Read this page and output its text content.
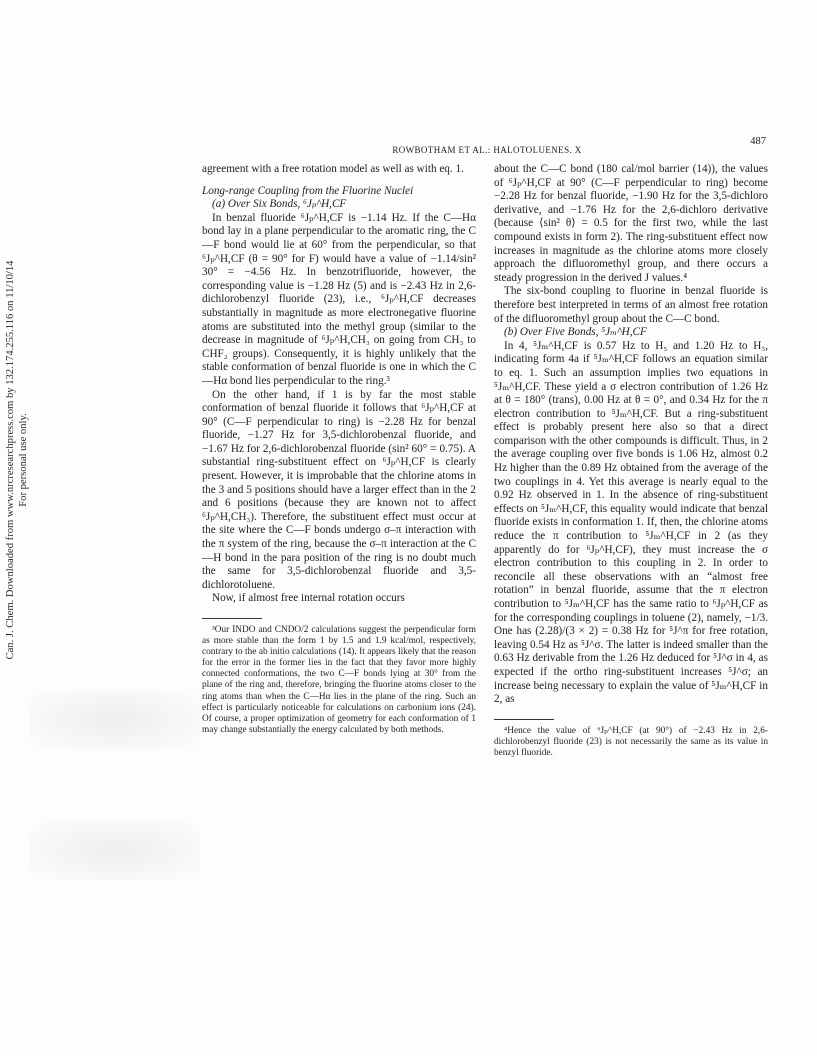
Can. J. Chem. Downloaded from www.nrcresearchpress.com by 132.174.255.116 on 11/10/14 For personal use only.
ROWBOTHAM ET AL.: HALOTOLUENES. X
487

agreement with a free rotation model as well as with eq. 1.

Long-range Coupling from the Fluorine Nuclei

(a) Over Six Bonds, ⁶Jₚ^H,CF

In benzal fluoride ⁶Jₚ^H,CF is −1.14 Hz. If the C—Hα bond lay in a plane perpendicular to the aromatic ring, the C—F bond would lie at 60° from the perpendicular, so that ⁶Jₚ^H,CF (θ = 90° for F) would have a value of −1.14/sin² 30° = −4.56 Hz. In benzotrifluoride, however, the corresponding value is −1.28 Hz (5) and is −2.43 Hz in 2,6-dichlorobenzyl fluoride (23), i.e., ⁶Jₚ^H,CF decreases substantially in magnitude as more electronegative fluorine atoms are substituted into the methyl group (similar to the decrease in magnitude of ⁶Jₚ^H,CH₃ on going from CH₃ to CHF₂ groups). Consequently, it is highly unlikely that the stable conformation of benzal fluoride is one in which the C—Hα bond lies perpendicular to the ring.³

On the other hand, if 1 is by far the most stable conformation of benzal fluoride it follows that ⁶Jₚ^H,CF at 90° (C—F perpendicular to ring) is −2.28 Hz for benzal fluoride, −1.27 Hz for 3,5-dichlorobenzal fluoride, and −1.67 Hz for 2,6-dichlorobenzal fluoride (sin² 60° = 0.75). A substantial ring-substituent effect on ⁶Jₚ^H,CF is clearly present. However, it is improbable that the chlorine atoms in the 3 and 5 positions should have a larger effect than in the 2 and 6 positions (because they are known not to affect ⁶Jₚ^H,CH₃). Therefore, the substituent effect must occur at the site where the C—F bonds undergo σ–π interaction with the π system of the ring, because the σ–π interaction at the C—H bond in the para position of the ring is no doubt much the same for 3,5-dichlorobenzal fluoride and 3,5-dichlorotoluene.

Now, if almost free internal rotation occurs

³Our INDO and CNDO/2 calculations suggest the perpendicular form as more stable than the form 1 by 1.5 and 1.9 kcal/mol, respectively, contrary to the ab initio calculations (14). It appears likely that the reason for the error in the former lies in the fact that they favor more highly connected conformations, the two C—F bonds lying at 30° from the plane of the ring and, therefore, bringing the fluorine atoms closer to the ring atoms than when the C—Hα lies in the plane of the ring. Such an effect is particularly noticeable for calculations on carbonium ions (24). Of course, a proper optimization of geometry for each conformation of 1 may change substantially the energy calculated by both methods.

about the C—C bond (180 cal/mol barrier (14)), the values of ⁶Jₚ^H,CF at 90° (C—F perpendicular to ring) become −2.28 Hz for benzal fluoride, −1.90 Hz for the 3,5-dichloro derivative, and −1.76 Hz for the 2,6-dichloro derivative (because ⟨sin² θ⟩ = 0.5 for the first two, while the last compound exists in form 2). The ring-substituent effect now increases in magnitude as the chlorine atoms more closely approach the difluoromethyl group, and there occurs a steady progression in the derived J values.⁴

The six-bond coupling to fluorine in benzal fluoride is therefore best interpreted in terms of an almost free rotation of the difluoromethyl group about the C—C bond.

(b) Over Five Bonds, ⁵Jₘ^H,CF

In 4, ⁵Jₘ^H,CF is 0.57 Hz to H₅ and 1.20 Hz to H₃, indicating form 4a if ⁵Jₘ^H,CF follows an equation similar to eq. 1. Such an assumption implies two equations in ⁵Jₘ^H,CF. These yield a σ electron contribution of 1.26 Hz at θ = 180° (trans), 0.00 Hz at θ = 0°, and 0.34 Hz for the π electron contribution to ⁵Jₘ^H,CF. But a ring-substituent effect is probably present here also so that a direct comparison with the other compounds is difficult. Thus, in 2 the average coupling over five bonds is 1.06 Hz, almost 0.2 Hz higher than the 0.89 Hz obtained from the average of the two couplings in 4. Yet this average is nearly equal to the 0.92 Hz observed in 1. In the absence of ring-substituent effects on ⁵Jₘ^H,CF, this equality would indicate that benzal fluoride exists in conformation 1. If, then, the chlorine atoms reduce the π contribution to ⁵Jₘ^H,CF in 2 (as they apparently do for ⁶Jₚ^H,CF), they must increase the σ electron contribution to this coupling in 2. In order to reconcile all these observations with an “almost free rotation” in benzal fluoride, assume that the π electron contribution to ⁵Jₘ^H,CF has the same ratio to ⁶Jₚ^H,CF as for the corresponding couplings in toluene (2), namely, −1/3. One has (2.28)/(3 × 2) = 0.38 Hz for ⁵J^π for free rotation, leaving 0.54 Hz as ⁵J^σ. The latter is indeed smaller than the 0.63 Hz derivable from the 1.26 Hz deduced for ⁵J^σ in 4, as expected if the ortho ring-substituent increases ⁵J^σ; an increase being necessary to explain the value of ⁵Jₘ^H,CF in 2, as

⁴Hence the value of ⁶Jₚ^H,CF (at 90°) of −2.43 Hz in 2,6-dichlorobenzyl fluoride (23) is not necessarily the same as its value in benzyl fluoride.
